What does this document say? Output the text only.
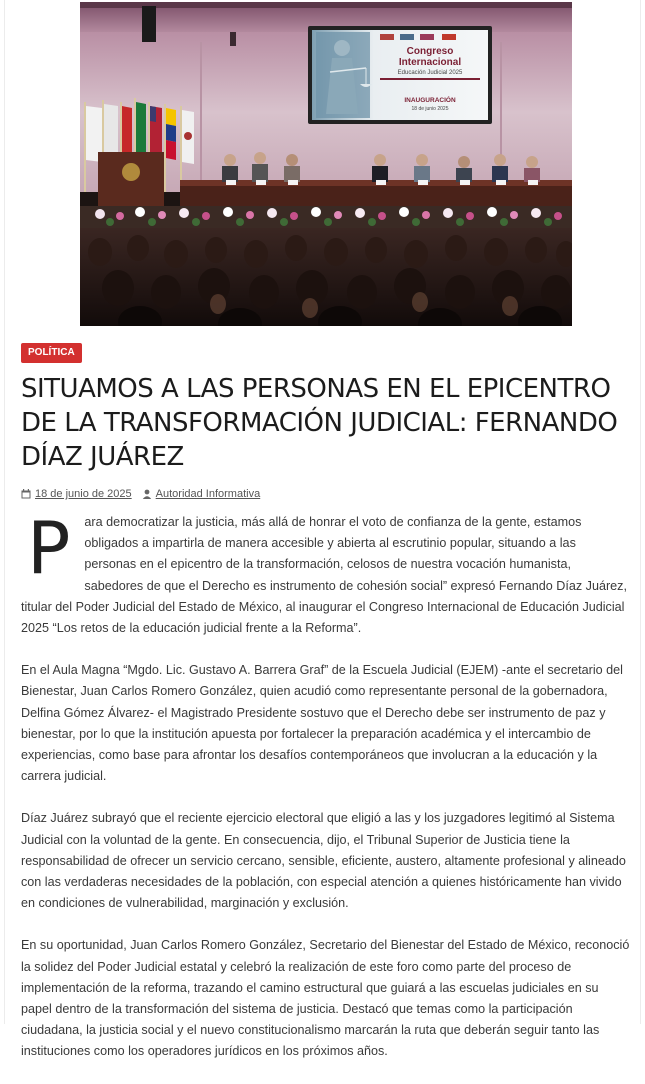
Congreso
Internacional
Educación Judicial 2025
INAUGURACIÓN
18 de junio 2025
POLÍTICA
SITUAMOS A LAS PERSONAS EN EL EPICENTRO DE LA TRANSFORMACIÓN JUDICIAL: FERNANDO DÍAZ JUÁREZ
18 de junio de 2025 Autoridad Informativa

P	ara democratizar la justicia, más allá de honrar el voto de confianza de la gente, estamos obligados a impartirla de manera accesible y abierta al escrutinio popular, situando a las personas en el epicentro de la transformación, celosos de nuestra vocación humanista, sabedores de que el Derecho es instrumento de cohesión social” expresó Fernando Díaz Juárez, titular del Poder Judicial del Estado de México, al inaugurar el Congreso Internacional de Educación Judicial 2025 “Los retos de la educación judicial frente a la Reforma”.

En el Aula Magna “Mgdo. Lic. Gustavo A. Barrera Graf” de la Escuela Judicial (EJEM) -ante el secretario del Bienestar, Juan Carlos Romero González, quien acudió como representante personal de la gobernadora, Delfina Gómez Álvarez- el Magistrado Presidente sostuvo que el Derecho debe ser instrumento de paz y bienestar, por lo que la institución apuesta por fortalecer la preparación académica y el intercambio de experiencias, como base para afrontar los desafíos contemporáneos que involucran a la educación y la carrera judicial.

Díaz Juárez subrayó que el reciente ejercicio electoral que eligió a las y los juzgadores legitimó al Sistema Judicial con la voluntad de la gente. En consecuencia, dijo, el Tribunal Superior de Justicia tiene la responsabilidad de ofrecer un servicio cercano, sensible, eficiente, austero, altamente profesional y alineado con las verdaderas necesidades de la población, con especial atención a quienes históricamente han vivido en condiciones de vulnerabilidad, marginación y exclusión.

En su oportunidad, Juan Carlos Romero González, Secretario del Bienestar del Estado de México, reconoció la solidez del Poder Judicial estatal y celebró la realización de este foro como parte del proceso de implementación de la reforma, trazando el camino estructural que guiará a las escuelas judiciales en su papel dentro de la transformación del sistema de justicia. Destacó que temas como la participación ciudadana, la justicia social y el nuevo constitucionalismo marcarán la ruta que deberán seguir tanto las instituciones como los operadores jurídicos en los próximos años.
